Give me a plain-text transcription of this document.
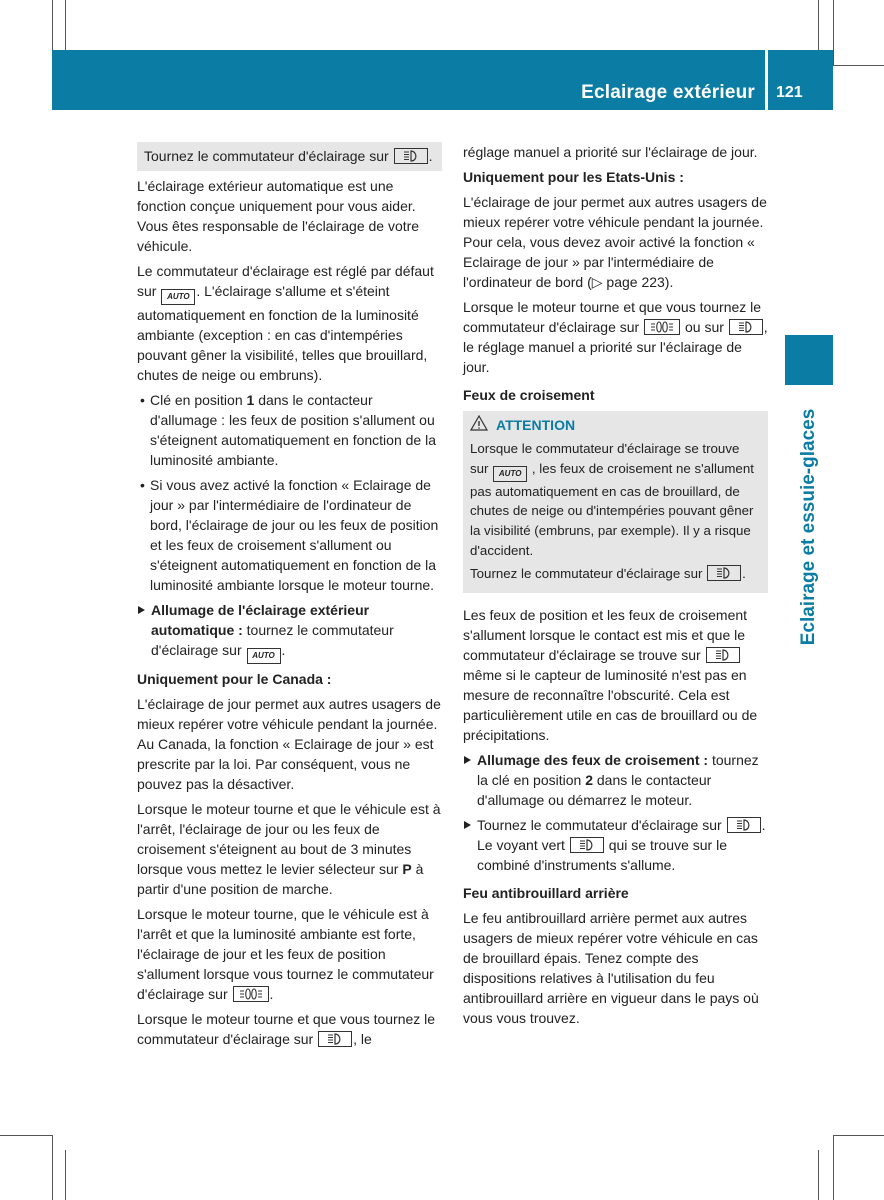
Eclairage extérieur 121
Eclairage et essuie-glaces

Tournez le commutateur d'éclairage sur	.

L'éclairage extérieur automatique est une fonction conçue uniquement pour vous aider. Vous êtes responsable de l'éclairage de votre véhicule.

Le commutateur d'éclairage est réglé par défaut sur AUTO . L'éclairage s'allume et s'éteint automatiquement en fonction de la luminosité ambiante (exception : en cas d'intempéries pouvant gêner la visibilité, telles que brouillard, chutes de neige ou embruns).

• Clé en position 1 dans le contacteur d'allumage : les feux de position s'allument ou s'éteignent automatiquement en fonction de la luminosité ambiante.

• Si vous avez activé la fonction « Eclairage de jour » par l'intermédiaire de l'ordinateur de bord, l'éclairage de jour ou les feux de position et les feux de croisement s'allument ou s'éteignent automatiquement en fonction de la luminosité ambiante lorsque le moteur tourne.

Allumage de l'éclairage extérieur automatique : tournez le commutateur d'éclairage sur AUTO .

Uniquement pour le Canada :

L'éclairage de jour permet aux autres usagers de mieux repérer votre véhicule pendant la journée. Au Canada, la fonction « Eclairage de jour » est prescrite par la loi. Par conséquent, vous ne pouvez pas la désactiver.

Lorsque le moteur tourne et que le véhicule est à l'arrêt, l'éclairage de jour ou les feux de croisement s'éteignent au bout de 3 minutes lorsque vous mettez le levier sélecteur sur P à partir d'une position de marche.

Lorsque le moteur tourne, que le véhicule est à l'arrêt et que la luminosité ambiante est forte, l'éclairage de jour et les feux de position s'allument lorsque vous tournez le commutateur d'éclairage sur	.

Lorsque le moteur tourne et que vous tournez le commutateur d'éclairage sur	, le

réglage manuel a priorité sur l'éclairage de jour.

Uniquement pour les Etats-Unis :

L'éclairage de jour permet aux autres usagers de mieux repérer votre véhicule pendant la journée. Pour cela, vous devez avoir activé la fonction « Eclairage de jour » par l'intermédiaire de l'ordinateur de bord (▷ page 223).

Lorsque le moteur tourne et que vous tournez le commutateur d'éclairage sur	ou sur	, le réglage manuel a priorité sur l'éclairage de jour.

Feux de croisement

ATTENTION

Lorsque le commutateur d'éclairage se trouve sur AUTO , les feux de croisement ne s'allument pas automatiquement en cas de brouillard, de chutes de neige ou d'intempéries pouvant gêner la visibilité (embruns, par exemple). Il y a risque d'accident.

Tournez le commutateur d'éclairage sur	.

Les feux de position et les feux de croisement s'allument lorsque le contact est mis et que le commutateur d'éclairage se trouve sur
même si le capteur de luminosité n'est pas en mesure de reconnaître l'obscurité. Cela est particulièrement utile en cas de brouillard ou de précipitations.

Allumage des feux de croisement : tournez la clé en position 2 dans le contacteur d'allumage ou démarrez le moteur.

Tournez le commutateur d'éclairage sur	.

Le voyant vert	qui se trouve sur le combiné d'instruments s'allume.

Feu antibrouillard arrière

Le feu antibrouillard arrière permet aux autres usagers de mieux repérer votre véhicule en cas de brouillard épais. Tenez compte des dispositions relatives à l'utilisation du feu antibrouillard arrière en vigueur dans le pays où vous vous trouvez.
